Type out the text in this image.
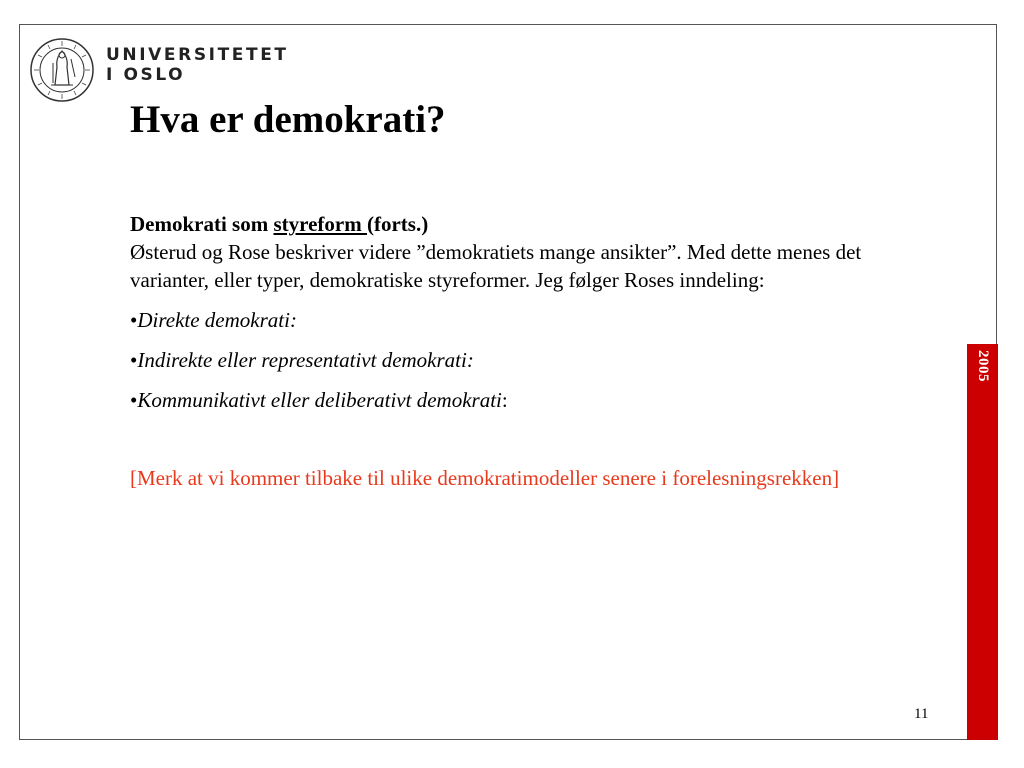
UNIVERSITETET
I OSLO
2005
Hva er demokrati?
Demokrati som styreform (forts.)
Østerud og Rose beskriver videre ”demokratiets mange ansikter”. Med dette menes det varianter, eller typer, demokratiske styreformer. Jeg følger Roses inndeling:
•Direkte demokrati:
•Indirekte eller representativt demokrati:
•Kommunikativt eller deliberativt demokrati:
[Merk at vi kommer tilbake til ulike demokratimodeller senere i forelesningsrekken]
11
